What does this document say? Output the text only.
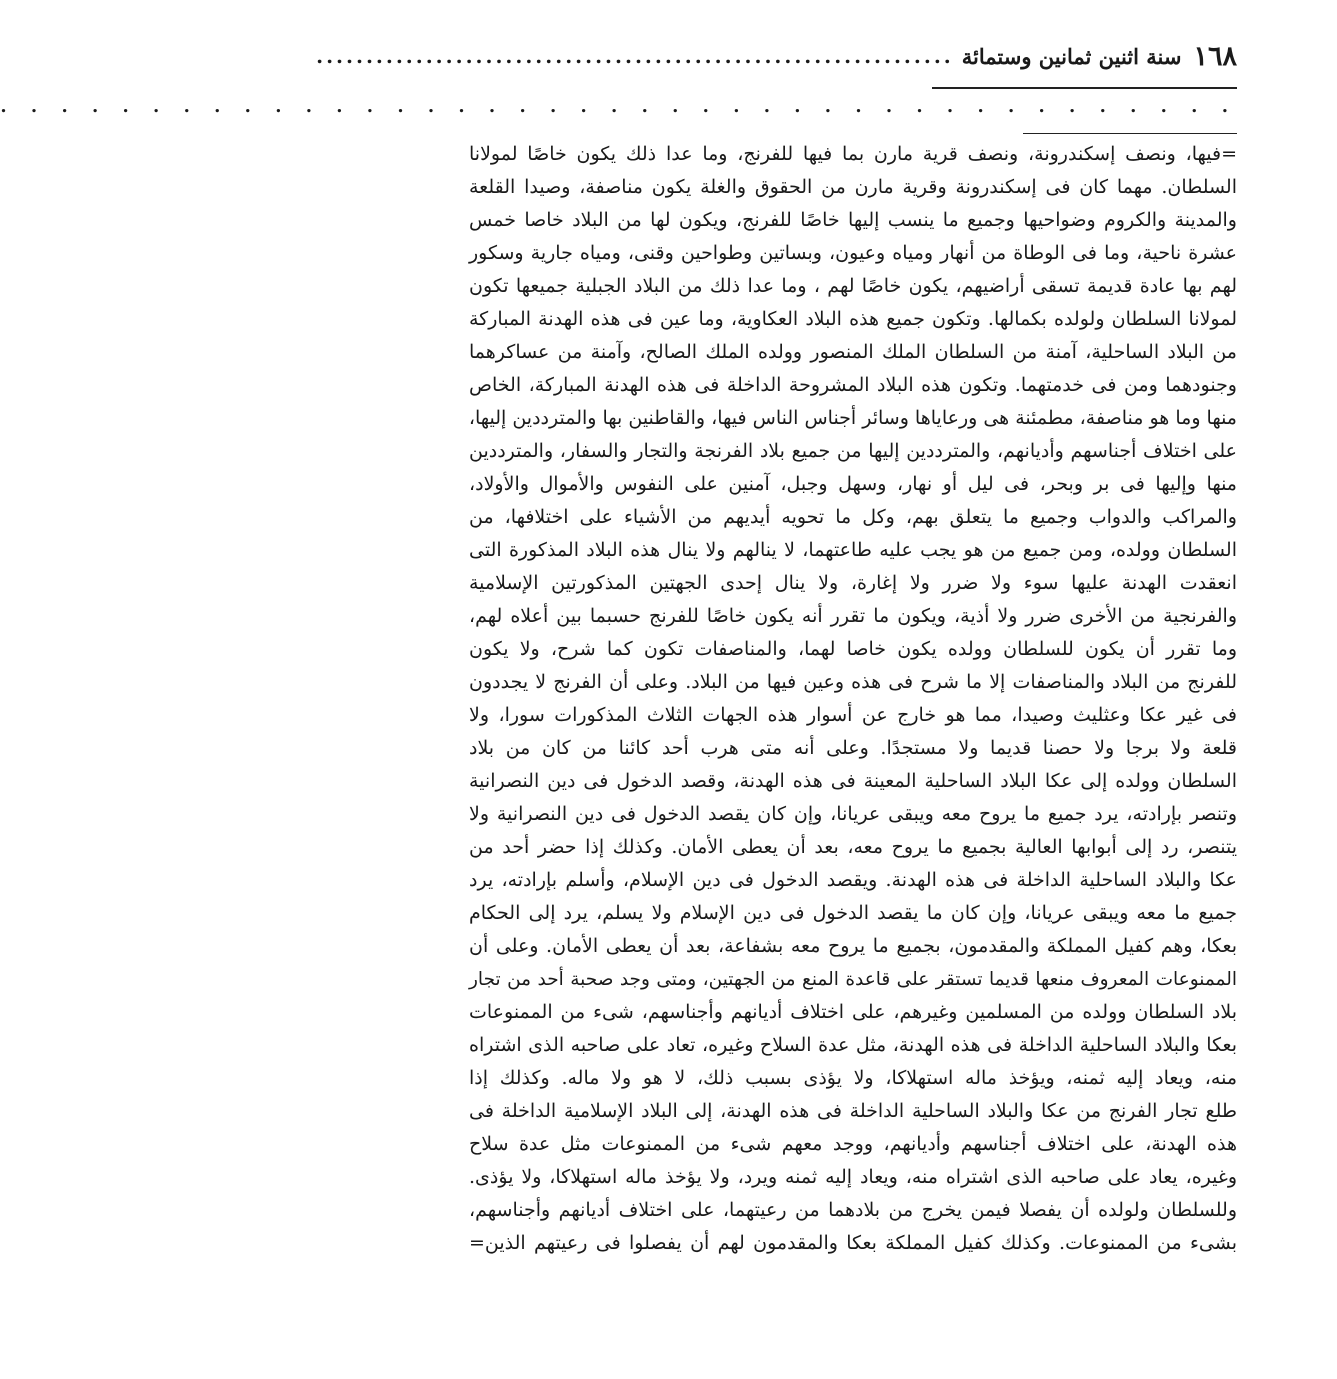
١٦٨
سنة اثنين ثمانين وستمائة
................................................................
. . . . . . . . . . . . . . . . . . . . . . . . . . . . . . . . . . . . . . . . .
=فيها، ونصف إسكندرونة، ونصف قرية مارن بما فيها للفرنج، وما عدا ذلك يكون خاصًا لمولانا
السلطان. مهما كان فى إسكندرونة وقرية مارن من الحقوق والغلة يكون مناصفة، وصيدا القلعة
والمدينة والكروم وضواحيها وجميع ما ينسب إليها خاصًا للفرنج، ويكون لها من البلاد خاصا خمس
عشرة ناحية، وما فى الوطاة من أنهار ومياه وعيون، وبساتين وطواحين وقنى، ومياه جارية وسكور
لهم بها عادة قديمة تسقى أراضيهم، يكون خاصًا لهم ، وما عدا ذلك من البلاد الجبلية جميعها تكون
لمولانا السلطان ولولده بكمالها. وتكون جميع هذه البلاد العكاوية، وما عين فى هذه الهدنة المباركة
من البلاد الساحلية، آمنة من السلطان الملك المنصور وولده الملك الصالح، وآمنة من عساكرهما
وجنودهما ومن فى خدمتهما. وتكون هذه البلاد المشروحة الداخلة فى هذه الهدنة المباركة، الخاص
منها وما هو مناصفة، مطمئنة هى ورعاياها وسائر أجناس الناس فيها، والقاطنين بها والمترددين إليها،
على اختلاف أجناسهم وأديانهم، والمترددين إليها من جميع بلاد الفرنجة والتجار والسفار، والمترددين
منها وإليها فى بر وبحر، فى ليل أو نهار، وسهل وجبل، آمنين على النفوس والأموال والأولاد،
والمراكب والدواب وجميع ما يتعلق بهم، وكل ما تحويه أيديهم من الأشياء على اختلافها، من
السلطان وولده، ومن جميع من هو يجب عليه طاعتهما، لا ينالهم ولا ينال هذه البلاد المذكورة التى
انعقدت الهدنة عليها سوء ولا ضرر ولا إغارة، ولا ينال إحدى الجهتين المذكورتين الإسلامية
والفرنجية من الأخرى ضرر ولا أذية، ويكون ما تقرر أنه يكون خاصًا للفرنج حسبما بين أعلاه لهم،
وما تقرر أن يكون للسلطان وولده يكون خاصا لهما، والمناصفات تكون كما شرح، ولا يكون
للفرنج من البلاد والمناصفات إلا ما شرح فى هذه وعين فيها من البلاد. وعلى أن الفرنج لا يجددون
فى غير عكا وعثليث وصيدا، مما هو خارج عن أسوار هذه الجهات الثلاث المذكورات سورا، ولا
قلعة ولا برجا ولا حصنا قديما ولا مستجدًا. وعلى أنه متى هرب أحد كائنا من كان من بلاد
السلطان وولده إلى عكا البلاد الساحلية المعينة فى هذه الهدنة، وقصد الدخول فى دين النصرانية
وتنصر بإرادته، يرد جميع ما يروح معه ويبقى عريانا، وإن كان يقصد الدخول فى دين النصرانية ولا
يتنصر، رد إلى أبوابها العالية بجميع ما يروح معه، بعد أن يعطى الأمان. وكذلك إذا حضر أحد من
عكا والبلاد الساحلية الداخلة فى هذه الهدنة. ويقصد الدخول فى دين الإسلام، وأسلم بإرادته، يرد
جميع ما معه ويبقى عريانا، وإن كان ما يقصد الدخول فى دين الإسلام ولا يسلم، يرد إلى الحكام
بعكا، وهم كفيل المملكة والمقدمون، بجميع ما يروح معه بشفاعة، بعد أن يعطى الأمان. وعلى أن
الممنوعات المعروف منعها قديما تستقر على قاعدة المنع من الجهتين، ومتى وجد صحبة أحد من تجار
بلاد السلطان وولده من المسلمين وغيرهم، على اختلاف أديانهم وأجناسهم، شىء من الممنوعات
بعكا والبلاد الساحلية الداخلة فى هذه الهدنة، مثل عدة السلاح وغيره، تعاد على صاحبه الذى اشتراه
منه، ويعاد إليه ثمنه، ويؤخذ ماله استهلاكا، ولا يؤذى بسبب ذلك، لا هو ولا ماله. وكذلك إذا
طلع تجار الفرنج من عكا والبلاد الساحلية الداخلة فى هذه الهدنة، إلى البلاد الإسلامية الداخلة فى
هذه الهدنة، على اختلاف أجناسهم وأديانهم، ووجد معهم شىء من الممنوعات مثل عدة سلاح
وغيره، يعاد على صاحبه الذى اشتراه منه، ويعاد إليه ثمنه ويرد، ولا يؤخذ ماله استهلاكا، ولا يؤذى.
وللسلطان ولولده أن يفصلا فيمن يخرج من بلادهما من رعيتهما، على اختلاف أديانهم وأجناسهم،
بشىء من الممنوعات. وكذلك كفيل المملكة بعكا والمقدمون لهم أن يفصلوا فى رعيتهم الذين=
